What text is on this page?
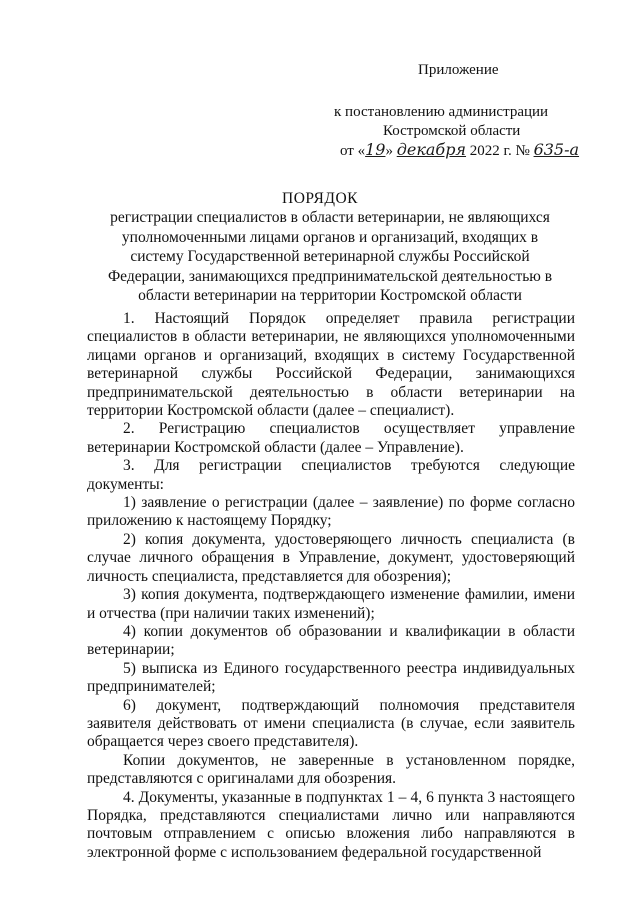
Приложение
к постановлению администрации
Костромской области
от «19» декабря 2022 г. № 635-а
ПОРЯДОК
регистрации специалистов в области ветеринарии, не являющихся уполномоченными лицами органов и организаций, входящих в систему Государственной ветеринарной службы Российской Федерации, занимающихся предпринимательской деятельностью в области ветеринарии на территории Костромской области

1. Настоящий Порядок определяет правила регистрации специалистов в области ветеринарии, не являющихся уполномоченными лицами органов и организаций, входящих в систему Государственной ветеринарной службы Российской Федерации, занимающихся предпринимательской деятельностью в области ветеринарии на территории Костромской области (далее – специалист).

2. Регистрацию специалистов осуществляет управление ветеринарии Костромской области (далее – Управление).

3. Для регистрации специалистов требуются следующие документы:

1) заявление о регистрации (далее – заявление) по форме согласно приложению к настоящему Порядку;

2) копия документа, удостоверяющего личность специалиста (в случае личного обращения в Управление, документ, удостоверяющий личность специалиста, представляется для обозрения);

3) копия документа, подтверждающего изменение фамилии, имени и отчества (при наличии таких изменений);

4) копии документов об образовании и квалификации в области ветеринарии;

5) выписка из Единого государственного реестра индивидуальных предпринимателей;

6) документ, подтверждающий полномочия представителя заявителя действовать от имени специалиста (в случае, если заявитель обращается через своего представителя).

Копии документов, не заверенные в установленном порядке, представляются с оригиналами для обозрения.

4. Документы, указанные в подпунктах 1 – 4, 6 пункта 3 настоящего Порядка, представляются специалистами лично или направляются почтовым отправлением с описью вложения либо направляются в электронной форме с использованием федеральной государственной
